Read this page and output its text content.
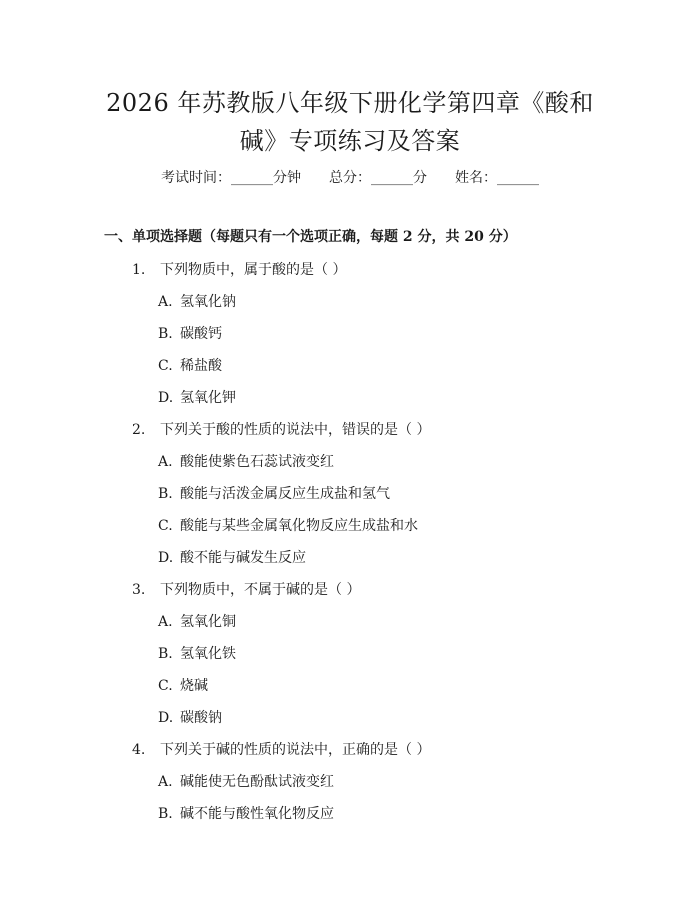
2026 年苏教版八年级下册化学第四章《酸和
碱》专项练习及答案
考试时间：______分钟 总分：______分 姓名：______
一、单项选择题（每题只有一个选项正确，每题 2 分，共 20 分）
1.	下列物质中，属于酸的是（ ）
A. 氢氧化钠
B. 碳酸钙
C. 稀盐酸
D. 氢氧化钾
2.	下列关于酸的性质的说法中，错误的是（ ）
A. 酸能使紫色石蕊试液变红
B. 酸能与活泼金属反应生成盐和氢气
C. 酸能与某些金属氧化物反应生成盐和水
D. 酸不能与碱发生反应
3.	下列物质中，不属于碱的是（ ）
A. 氢氧化铜
B. 氢氧化铁
C. 烧碱
D. 碳酸钠
4.	下列关于碱的性质的说法中，正确的是（ ）
A. 碱能使无色酚酞试液变红
B. 碱不能与酸性氧化物反应
